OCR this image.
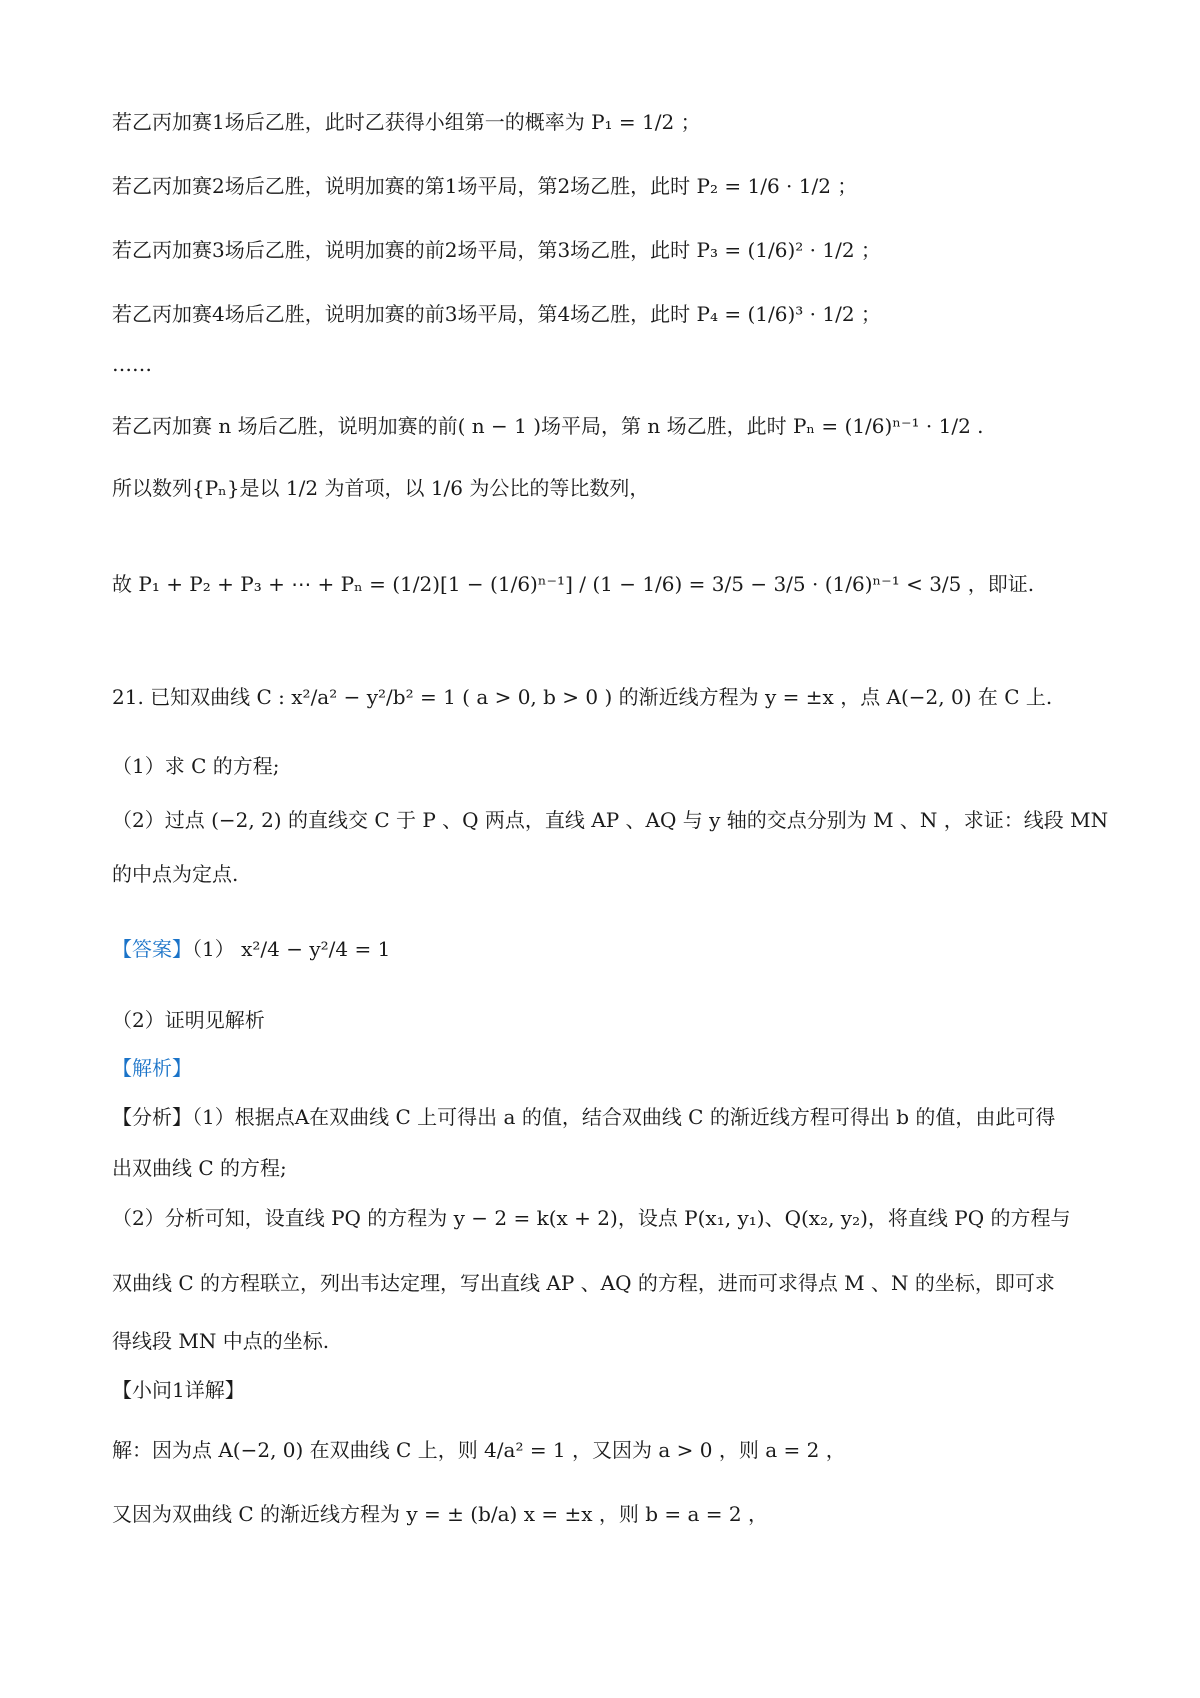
若乙丙加赛1场后乙胜，此时乙获得小组第一的概率为 P₁ = 1/2 ；
若乙丙加赛2场后乙胜，说明加赛的第1场平局，第2场乙胜，此时 P₂ = 1/6 · 1/2 ；
若乙丙加赛3场后乙胜，说明加赛的前2场平局，第3场乙胜，此时 P₃ = (1/6)² · 1/2 ；
若乙丙加赛4场后乙胜，说明加赛的前3场平局，第4场乙胜，此时 P₄ = (1/6)³ · 1/2 ；
……
若乙丙加赛 n 场后乙胜，说明加赛的前( n − 1 )场平局，第 n 场乙胜，此时 Pₙ = (1/6)ⁿ⁻¹ · 1/2 .
所以数列{Pₙ}是以 1/2 为首项，以 1/6 为公比的等比数列，
故 P₁ + P₂ + P₃ + ⋯ + Pₙ = (1/2)[1 − (1/6)ⁿ⁻¹] / (1 − 1/6) = 3/5 − 3/5 · (1/6)ⁿ⁻¹ < 3/5 ，即证.
21. 已知双曲线 C : x²/a² − y²/b² = 1 ( a > 0, b > 0 ) 的渐近线方程为 y = ±x ，点 A(−2, 0) 在 C 上.
（1）求 C 的方程;
（2）过点 (−2, 2) 的直线交 C 于 P 、Q 两点，直线 AP 、AQ 与 y 轴的交点分别为 M 、N ，求证：线段 MN
的中点为定点.
【答案】（1） x²/4 − y²/4 = 1
（2）证明见解析
【解析】
【分析】（1）根据点A在双曲线 C 上可得出 a 的值，结合双曲线 C 的渐近线方程可得出 b 的值，由此可得
出双曲线 C 的方程;
（2）分析可知，设直线 PQ 的方程为 y − 2 = k(x + 2)，设点 P(x₁, y₁)、Q(x₂, y₂)，将直线 PQ 的方程与
双曲线 C 的方程联立，列出韦达定理，写出直线 AP 、AQ 的方程，进而可求得点 M 、N 的坐标，即可求
得线段 MN 中点的坐标.
【小问1详解】
解：因为点 A(−2, 0) 在双曲线 C 上，则 4/a² = 1 ，又因为 a > 0 ，则 a = 2 ，
又因为双曲线 C 的渐近线方程为 y = ± (b/a) x = ±x ，则 b = a = 2 ，
